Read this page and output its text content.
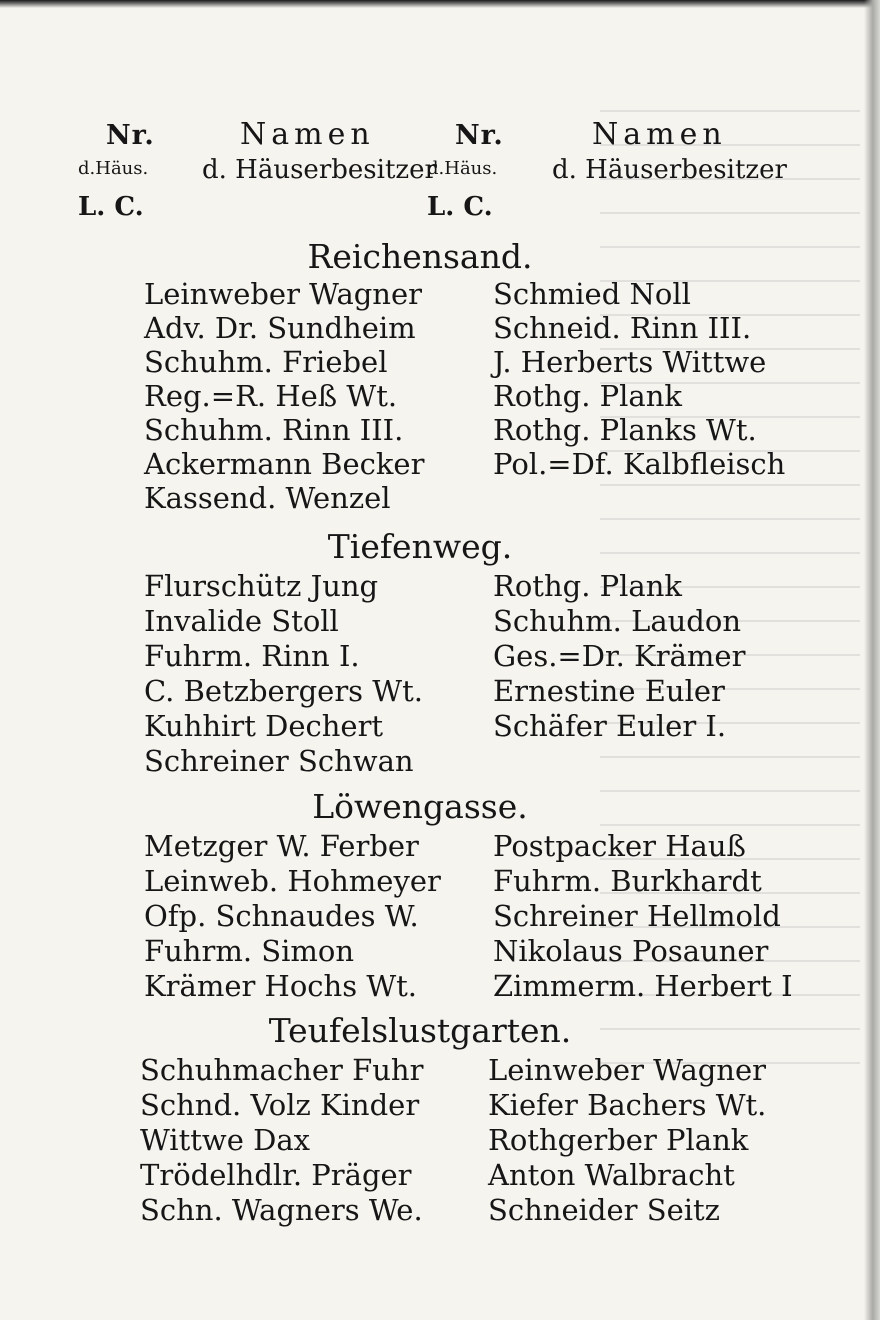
Nr.	Namen
d.Häus. d. Häuserbesitzer
L. C.
Nr.	Namen
d.Häus. d. Häuserbesitzer
L. C.
Reichensand.
Leinweber Wagner
Adv. Dr. Sundheim
Schuhm. Friebel
Reg.=R. Heß Wt.
Schuhm. Rinn III.
Ackermann Becker
Kassend. Wenzel
Schmied Noll
Schneid. Rinn III.
J. Herberts Wittwe
Rothg. Plank
Rothg. Planks Wt.
Pol.=Df. Kalbfleisch
Tiefenweg.
Flurschütz Jung
Invalide Stoll
Fuhrm. Rinn I.
C. Betzbergers Wt.
Kuhhirt Dechert
Schreiner Schwan
Rothg. Plank
Schuhm. Laudon
Ges.=Dr. Krämer
Ernestine Euler
Schäfer Euler I.
Löwengasse.
Metzger W. Ferber
Leinweb. Hohmeyer
Ofp. Schnaudes W.
Fuhrm. Simon
Krämer Hochs Wt.
Postpacker Hauß
Fuhrm. Burkhardt
Schreiner Hellmold
Nikolaus Posauner
Zimmerm. Herbert I
Teufelslustgarten.
Schuhmacher Fuhr
Schnd. Volz Kinder
Wittwe Dax
Trödelhdlr. Präger
Schn. Wagners We.
Leinweber Wagner
Kiefer Bachers Wt.
Rothgerber Plank
Anton Walbracht
Schneider Seitz
